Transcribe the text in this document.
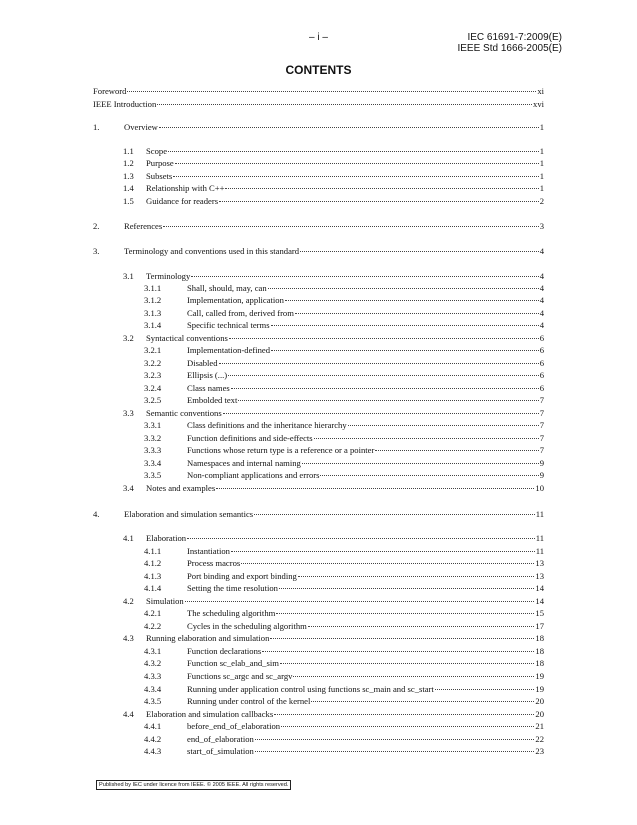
– i –	IEC 61691-7:2009(E)
IEEE Std 1666-2005(E)
CONTENTS
Foreword	xi
IEEE Introduction	xvi
1.	Overview	1
1.1	Scope	1
1.2	Purpose	1
1.3	Subsets	1
1.4	Relationship with C++	1
1.5	Guidance for readers	2
2.	References	3
3.	Terminology and conventions used in this standard	4
3.1	Terminology	4
3.1.1	Shall, should, may, can	4
3.1.2	Implementation, application	4
3.1.3	Call, called from, derived from	4
3.1.4	Specific technical terms	4
3.2	Syntactical conventions	6
3.2.1	Implementation-defined	6
3.2.2	Disabled	6
3.2.3	Ellipsis (...)	6
3.2.4	Class names	6
3.2.5	Embolded text	7
3.3	Semantic conventions	7
3.3.1	Class definitions and the inheritance hierarchy	7
3.3.2	Function definitions and side-effects	7
3.3.3	Functions whose return type is a reference or a pointer	7
3.3.4	Namespaces and internal naming	9
3.3.5	Non-compliant applications and errors	9
3.4	Notes and examples	10
4.	Elaboration and simulation semantics	11
4.1	Elaboration	11
4.1.1	Instantiation	11
4.1.2	Process macros	13
4.1.3	Port binding and export binding	13
4.1.4	Setting the time resolution	14
4.2	Simulation	14
4.2.1	The scheduling algorithm	15
4.2.2	Cycles in the scheduling algorithm	17
4.3	Running elaboration and simulation	18
4.3.1	Function declarations	18
4.3.2	Function sc_elab_and_sim	18
4.3.3	Functions sc_argc and sc_argv	19
4.3.4	Running under application control using functions sc_main and sc_start	19
4.3.5	Running under control of the kernel	20
4.4	Elaboration and simulation callbacks	20
4.4.1	before_end_of_elaboration	21
4.4.2	end_of_elaboration	22
4.4.3	start_of_simulation	23
Published by IEC under licence from IEEE. © 2005 IEEE. All rights reserved.
